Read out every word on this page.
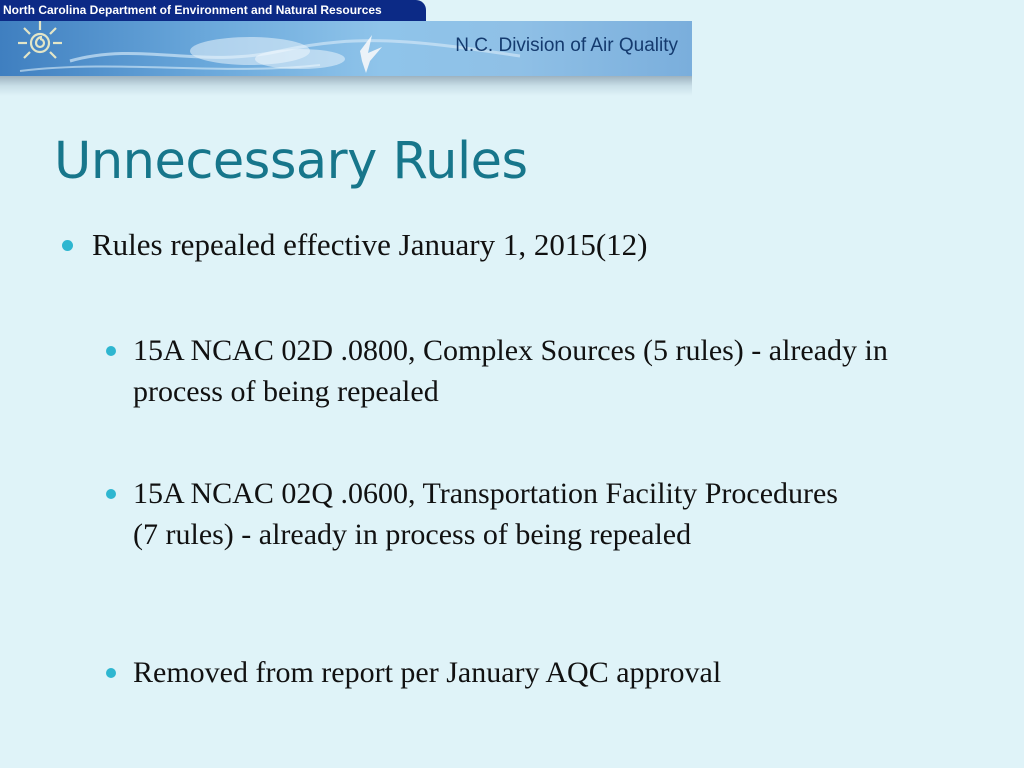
North Carolina Department of Environment and Natural Resources
N.C. Division of Air Quality
Unnecessary Rules
Rules repealed effective January 1, 2015(12)
15A NCAC 02D .0800, Complex Sources (5 rules) - already in process of being repealed
15A NCAC 02Q .0600, Transportation Facility Procedures (7 rules) - already in process of being repealed
Removed from report per January AQC approval
